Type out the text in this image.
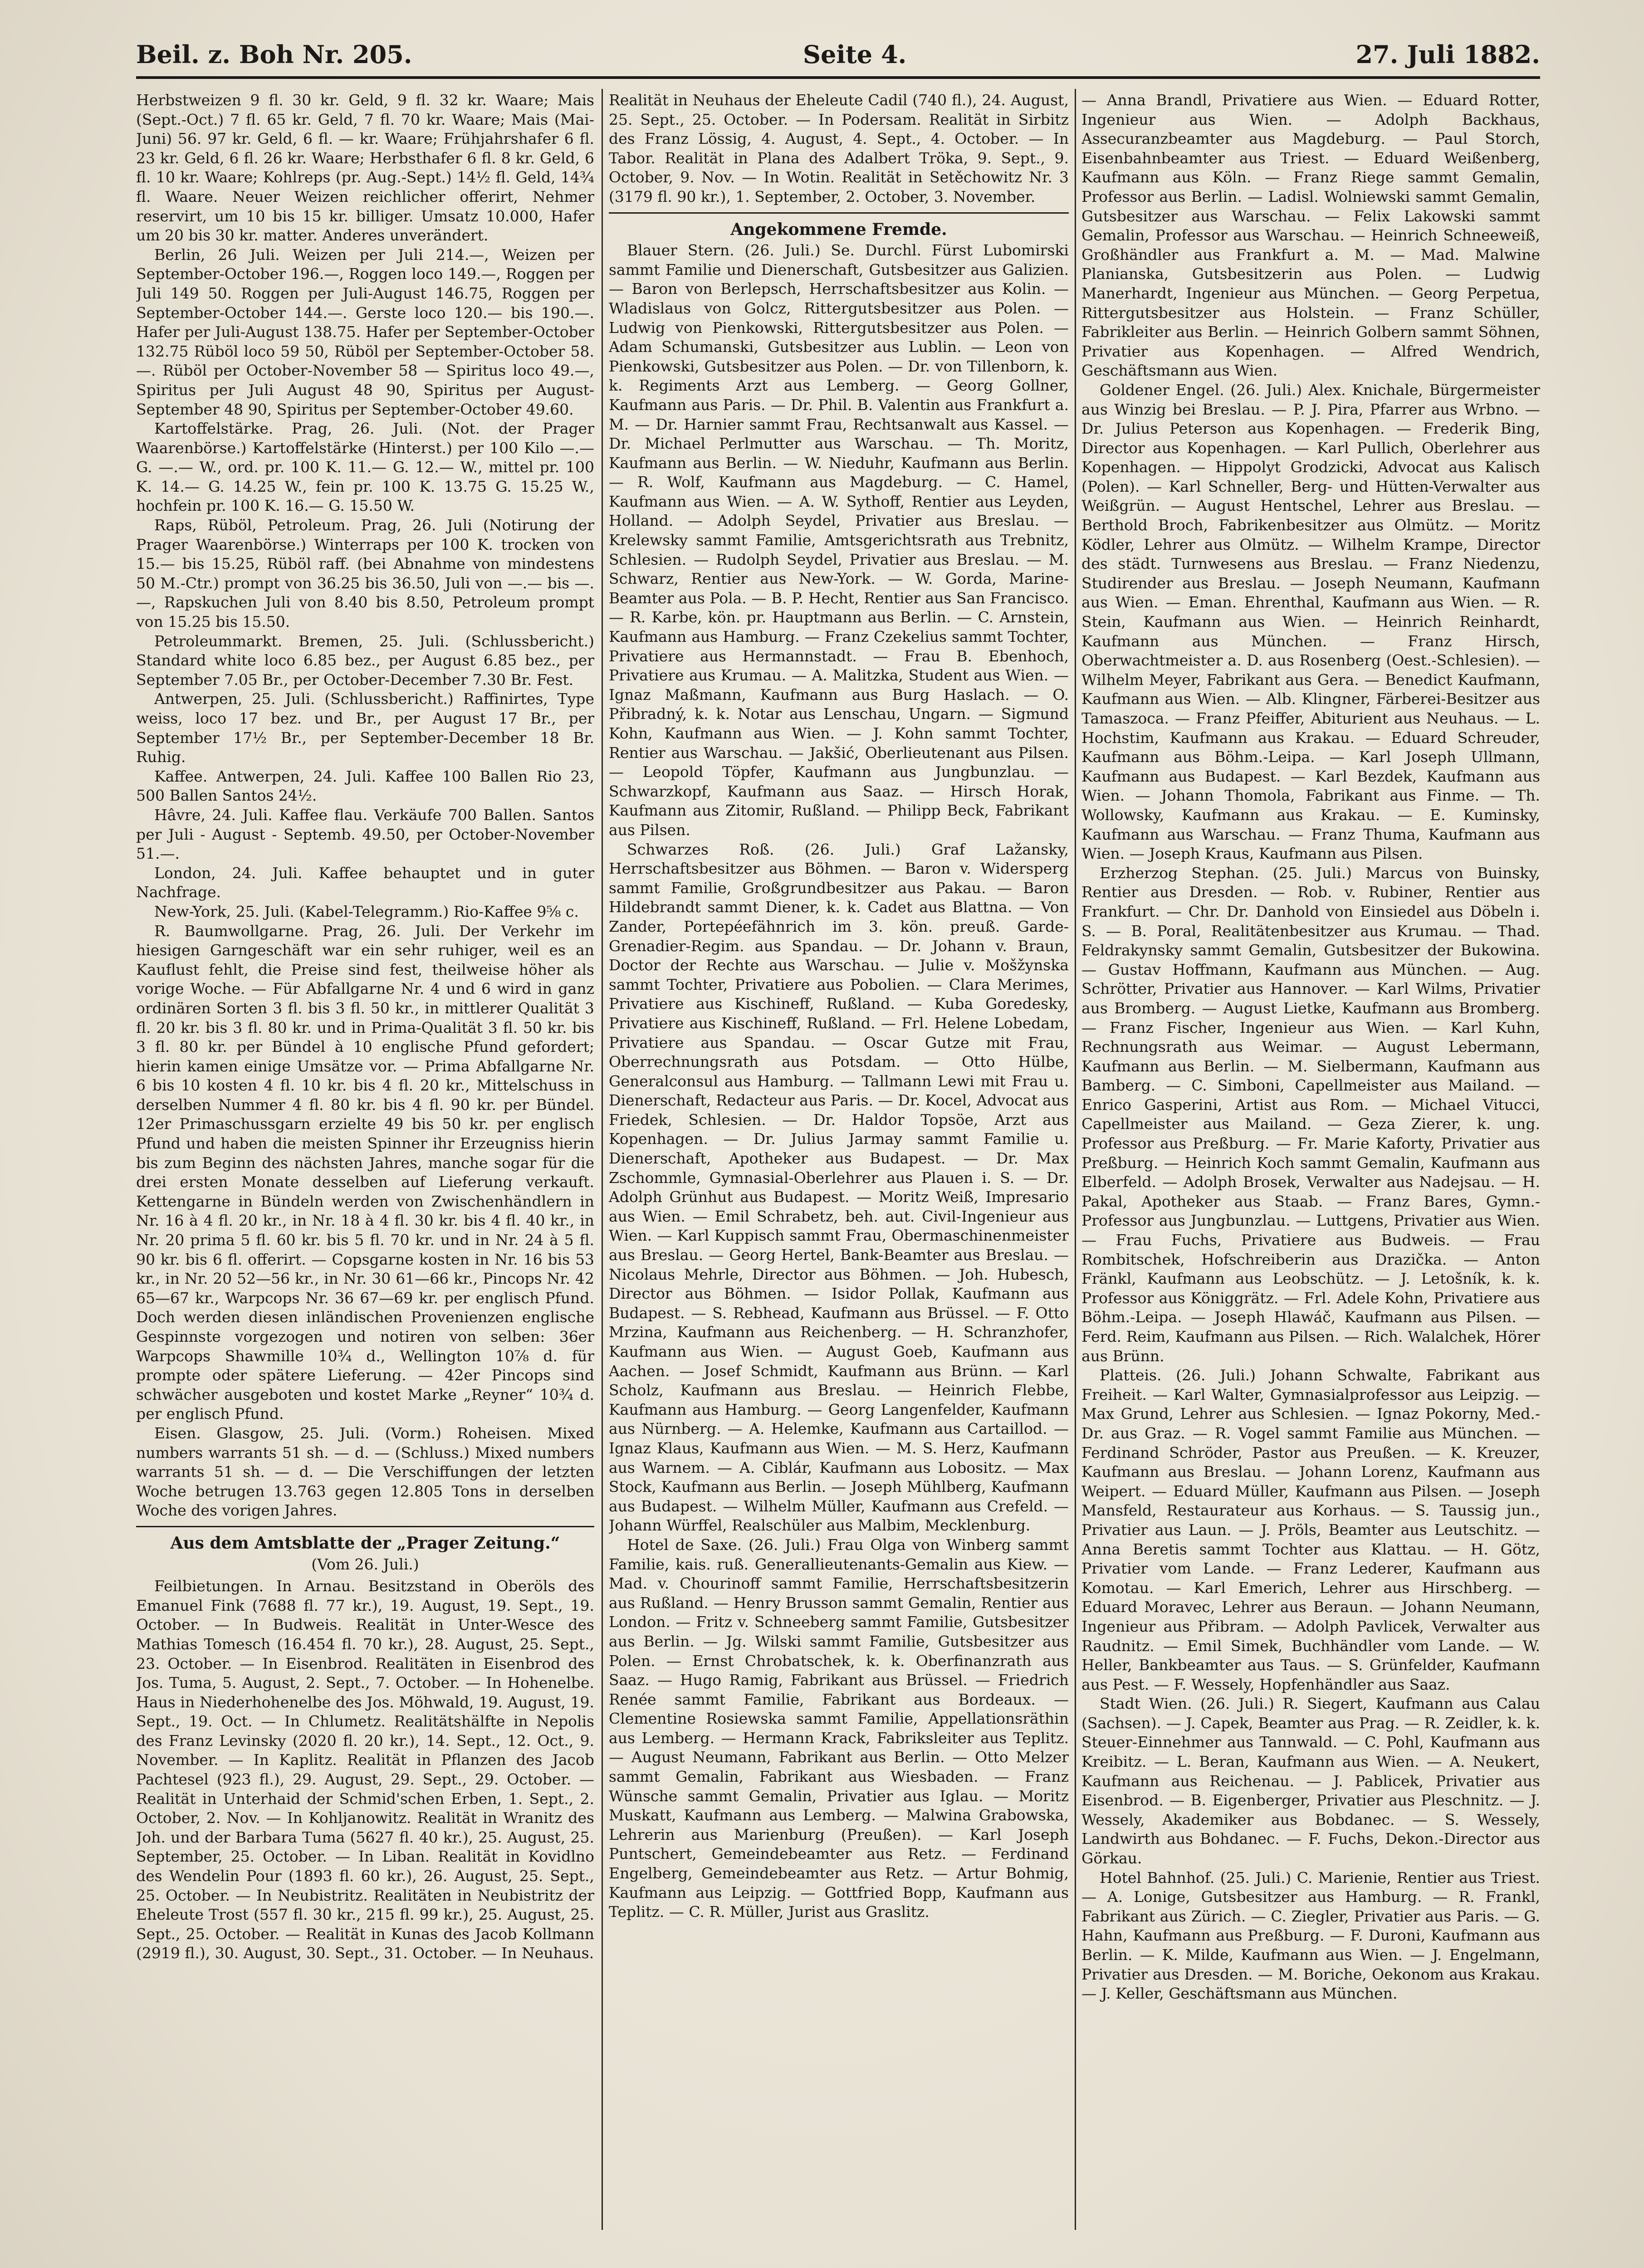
Beil. z. Boh Nr. 205.	Seite 4.	27. Juli 1882.

Herbstweizen 9 fl. 30 kr. Geld, 9 fl. 32 kr. Waare; Mais (Sept.-Oct.) 7 fl. 65 kr. Geld, 7 fl. 70 kr. Waare; Mais (Mai-Juni) 56. 97 kr. Geld, 6 fl. — kr. Waare; Frühjahrshafer 6 fl. 23 kr. Geld, 6 fl. 26 kr. Waare; Herbsthafer 6 fl. 8 kr. Geld, 6 fl. 10 kr. Waare; Kohlreps (pr. Aug.-Sept.) 14½ fl. Geld, 14¾ fl. Waare. Neuer Weizen reichlicher offerirt, Nehmer reservirt, um 10 bis 15 kr. billiger. Umsatz 10.000, Hafer um 20 bis 30 kr. matter. Anderes unverändert.

Berlin, 26 Juli. Weizen per Juli 214.—, Weizen per September-October 196.—, Roggen loco 149.—, Roggen per Juli 149 50. Roggen per Juli-August 146.75, Roggen per September-October 144.—. Gerste loco 120.— bis 190.—. Hafer per Juli-August 138.75. Hafer per September-October 132.75 Rüböl loco 59 50, Rüböl per September-October 58.—. Rüböl per October-November 58 — Spiritus loco 49.—, Spiritus per Juli August 48 90, Spiritus per August-September 48 90, Spiritus per September-October 49.60.

Kartoffelstärke. Prag, 26. Juli. (Not. der Prager Waarenbörse.) Kartoffelstärke (Hinterst.) per 100 Kilo —.— G. —.— W., ord. pr. 100 K. 11.— G. 12.— W., mittel pr. 100 K. 14.— G. 14.25 W., fein pr. 100 K. 13.75 G. 15.25 W., hochfein pr. 100 K. 16.— G. 15.50 W.

Raps, Rüböl, Petroleum. Prag, 26. Juli (Notirung der Prager Waarenbörse.) Winterraps per 100 K. trocken von 15.— bis 15.25, Rüböl raff. (bei Abnahme von mindestens 50 M.-Ctr.) prompt von 36.25 bis 36.50, Juli von —.— bis —.—, Rapskuchen Juli von 8.40 bis 8.50, Petroleum prompt von 15.25 bis 15.50.

Petroleummarkt. Bremen, 25. Juli. (Schlussbericht.) Standard white loco 6.85 bez., per August 6.85 bez., per September 7.05 Br., per October-December 7.30 Br. Fest.

Antwerpen, 25. Juli. (Schlussbericht.) Raffinirtes, Type weiss, loco 17 bez. und Br., per August 17 Br., per September 17½ Br., per September-December 18 Br. Ruhig.

Kaffee. Antwerpen, 24. Juli. Kaffee 100 Ballen Rio 23, 500 Ballen Santos 24½.

Hâvre, 24. Juli. Kaffee flau. Verkäufe 700 Ballen. Santos per Juli - August - Septemb. 49.50, per October-November 51.—.

London, 24. Juli. Kaffee behauptet und in guter Nachfrage.

New-York, 25. Juli. (Kabel-Telegramm.) Rio-Kaffee 9⅝ c.

R. Baumwollgarne. Prag, 26. Juli. Der Verkehr im hiesigen Garngeschäft war ein sehr ruhiger, weil es an Kauflust fehlt, die Preise sind fest, theilweise höher als vorige Woche. — Für Abfallgarne Nr. 4 und 6 wird in ganz ordinären Sorten 3 fl. bis 3 fl. 50 kr., in mittlerer Qualität 3 fl. 20 kr. bis 3 fl. 80 kr. und in Prima-Qualität 3 fl. 50 kr. bis 3 fl. 80 kr. per Bündel à 10 englische Pfund gefordert; hierin kamen einige Umsätze vor. — Prima Abfallgarne Nr. 6 bis 10 kosten 4 fl. 10 kr. bis 4 fl. 20 kr., Mittelschuss in derselben Nummer 4 fl. 80 kr. bis 4 fl. 90 kr. per Bündel. 12er Primaschussgarn erzielte 49 bis 50 kr. per englisch Pfund und haben die meisten Spinner ihr Erzeugniss hierin bis zum Beginn des nächsten Jahres, manche sogar für die drei ersten Monate desselben auf Lieferung verkauft. Kettengarne in Bündeln werden von Zwischenhändlern in Nr. 16 à 4 fl. 20 kr., in Nr. 18 à 4 fl. 30 kr. bis 4 fl. 40 kr., in Nr. 20 prima 5 fl. 60 kr. bis 5 fl. 70 kr. und in Nr. 24 à 5 fl. 90 kr. bis 6 fl. offerirt. — Copsgarne kosten in Nr. 16 bis 53 kr., in Nr. 20 52—56 kr., in Nr. 30 61—66 kr., Pincops Nr. 42 65—67 kr., Warpcops Nr. 36 67—69 kr. per englisch Pfund. Doch werden diesen inländischen Provenienzen englische Gespinnste vorgezogen und notiren von selben: 36er Warpcops Shawmille 10¾ d., Wellington 10⅞ d. für prompte oder spätere Lieferung. — 42er Pincops sind schwächer ausgeboten und kostet Marke „Reyner“ 10¾ d. per englisch Pfund.

Eisen. Glasgow, 25. Juli. (Vorm.) Roheisen. Mixed numbers warrants 51 sh. — d. — (Schluss.) Mixed numbers warrants 51 sh. — d. — Die Verschiffungen der letzten Woche betrugen 13.763 gegen 12.805 Tons in derselben Woche des vorigen Jahres.

Aus dem Amtsblatte der „Prager Zeitung.“

(Vom 26. Juli.)

Feilbietungen. In Arnau. Besitzstand in Oberöls des Emanuel Fink (7688 fl. 77 kr.), 19. August, 19. Sept., 19. October. — In Budweis. Realität in Unter-Wesce des Mathias Tomesch (16.454 fl. 70 kr.), 28. August, 25. Sept., 23. October. — In Eisenbrod. Realitäten in Eisenbrod des Jos. Tuma, 5. August, 2. Sept., 7. October. — In Hohenelbe. Haus in Niederhohenelbe des Jos. Möhwald, 19. August, 19. Sept., 19. Oct. — In Chlumetz. Realitätshälfte in Nepolis des Franz Levinsky (2020 fl. 20 kr.), 14. Sept., 12. Oct., 9. November. — In Kaplitz. Realität in Pflanzen des Jacob Pachtesel (923 fl.), 29. August, 29. Sept., 29. October. — Realität in Unterhaid der Schmid'schen Erben, 1. Sept., 2. October, 2. Nov. — In Kohljanowitz. Realität in Wranitz des Joh. und der Barbara Tuma (5627 fl. 40 kr.), 25. August, 25. September, 25. October. — In Liban. Realität in Kovidlno des Wendelin Pour (1893 fl. 60 kr.), 26. August, 25. Sept., 25. October. — In Neubistritz. Realitäten in Neubistritz der Eheleute Trost (557 fl. 30 kr., 215 fl. 99 kr.), 25. August, 25. Sept., 25. October. — Realität in Kunas des Jacob Kollmann (2919 fl.), 30. August, 30. Sept., 31. October. — In Neuhaus.

Realität in Neuhaus der Eheleute Cadil (740 fl.), 24. August, 25. Sept., 25. October. — In Podersam. Realität in Sirbitz des Franz Lössig, 4. August, 4. Sept., 4. October. — In Tabor. Realität in Plana des Adalbert Tröka, 9. Sept., 9. October, 9. Nov. — In Wotin. Realität in Setěchowitz Nr. 3 (3179 fl. 90 kr.), 1. September, 2. October, 3. November.

Angekommene Fremde.

Blauer Stern. (26. Juli.) Se. Durchl. Fürst Lubomirski sammt Familie und Dienerschaft, Gutsbesitzer aus Galizien. — Baron von Berlepsch, Herrschaftsbesitzer aus Kolin. — Wladislaus von Golcz, Rittergutsbesitzer aus Polen. — Ludwig von Pienkowski, Rittergutsbesitzer aus Polen. — Adam Schumanski, Gutsbesitzer aus Lublin. — Leon von Pienkowski, Gutsbesitzer aus Polen. — Dr. von Tillenborn, k. k. Regiments Arzt aus Lemberg. — Georg Gollner, Kaufmann aus Paris. — Dr. Phil. B. Valentin aus Frankfurt a. M. — Dr. Harnier sammt Frau, Rechtsanwalt aus Kassel. — Dr. Michael Perlmutter aus Warschau. — Th. Moritz, Kaufmann aus Berlin. — W. Nieduhr, Kaufmann aus Berlin. — R. Wolf, Kaufmann aus Magdeburg. — C. Hamel, Kaufmann aus Wien. — A. W. Sythoff, Rentier aus Leyden, Holland. — Adolph Seydel, Privatier aus Breslau. — Krelewsky sammt Familie, Amtsgerichtsrath aus Trebnitz, Schlesien. — Rudolph Seydel, Privatier aus Breslau. — M. Schwarz, Rentier aus New-York. — W. Gorda, Marine-Beamter aus Pola. — B. P. Hecht, Rentier aus San Francisco. — R. Karbe, kön. pr. Hauptmann aus Berlin. — C. Arnstein, Kaufmann aus Hamburg. — Franz Czekelius sammt Tochter, Privatiere aus Hermannstadt. — Frau B. Ebenhoch, Privatiere aus Krumau. — A. Malitzka, Student aus Wien. — Ignaz Maßmann, Kaufmann aus Burg Haslach. — O. Přibradný, k. k. Notar aus Lenschau, Ungarn. — Sigmund Kohn, Kaufmann aus Wien. — J. Kohn sammt Tochter, Rentier aus Warschau. — Jakšić, Oberlieutenant aus Pilsen. — Leopold Töpfer, Kaufmann aus Jungbunzlau. — Schwarzkopf, Kaufmann aus Saaz. — Hirsch Horak, Kaufmann aus Zitomir, Rußland. — Philipp Beck, Fabrikant aus Pilsen.

Schwarzes Roß. (26. Juli.) Graf Lažansky, Herrschaftsbesitzer aus Böhmen. — Baron v. Widersperg sammt Familie, Großgrundbesitzer aus Pakau. — Baron Hildebrandt sammt Diener, k. k. Cadet aus Blattna. — Von Zander, Portepéefähnrich im 3. kön. preuß. Garde-Grenadier-Regim. aus Spandau. — Dr. Johann v. Braun, Doctor der Rechte aus Warschau. — Julie v. Mošžynska sammt Tochter, Privatiere aus Pobolien. — Clara Merimes, Privatiere aus Kischineff, Rußland. — Kuba Goredesky, Privatiere aus Kischineff, Rußland. — Frl. Helene Lobedam, Privatiere aus Spandau. — Oscar Gutze mit Frau, Oberrechnungsrath aus Potsdam. — Otto Hülbe, Generalconsul aus Hamburg. — Tallmann Lewi mit Frau u. Dienerschaft, Redacteur aus Paris. — Dr. Kocel, Advocat aus Friedek, Schlesien. — Dr. Haldor Topsöe, Arzt aus Kopenhagen. — Dr. Julius Jarmay sammt Familie u. Dienerschaft, Apotheker aus Budapest. — Dr. Max Zschommle, Gymnasial-Oberlehrer aus Plauen i. S. — Dr. Adolph Grünhut aus Budapest. — Moritz Weiß, Impresario aus Wien. — Emil Schrabetz, beh. aut. Civil-Ingenieur aus Wien. — Karl Kuppisch sammt Frau, Obermaschinenmeister aus Breslau. — Georg Hertel, Bank-Beamter aus Breslau. — Nicolaus Mehrle, Director aus Böhmen. — Joh. Hubesch, Director aus Böhmen. — Isidor Pollak, Kaufmann aus Budapest. — S. Rebhead, Kaufmann aus Brüssel. — F. Otto Mrzina, Kaufmann aus Reichenberg. — H. Schranzhofer, Kaufmann aus Wien. — August Goeb, Kaufmann aus Aachen. — Josef Schmidt, Kaufmann aus Brünn. — Karl Scholz, Kaufmann aus Breslau. — Heinrich Flebbe, Kaufmann aus Hamburg. — Georg Langenfelder, Kaufmann aus Nürnberg. — A. Helemke, Kaufmann aus Cartaillod. — Ignaz Klaus, Kaufmann aus Wien. — M. S. Herz, Kaufmann aus Warnem. — A. Ciblár, Kaufmann aus Lobositz. — Max Stock, Kaufmann aus Berlin. — Joseph Mühlberg, Kaufmann aus Budapest. — Wilhelm Müller, Kaufmann aus Crefeld. — Johann Würffel, Realschüler aus Malbim, Mecklenburg.

Hotel de Saxe. (26. Juli.) Frau Olga von Winberg sammt Familie, kais. ruß. Generallieutenants-Gemalin aus Kiew. — Mad. v. Chourinoff sammt Familie, Herrschaftsbesitzerin aus Rußland. — Henry Brusson sammt Gemalin, Rentier aus London. — Fritz v. Schneeberg sammt Familie, Gutsbesitzer aus Berlin. — Jg. Wilski sammt Familie, Gutsbesitzer aus Polen. — Ernst Chrobatschek, k. k. Oberfinanzrath aus Saaz. — Hugo Ramig, Fabrikant aus Brüssel. — Friedrich Renée sammt Familie, Fabrikant aus Bordeaux. — Clementine Rosiewska sammt Familie, Appellationsräthin aus Lemberg. — Hermann Krack, Fabriksleiter aus Teplitz. — August Neumann, Fabrikant aus Berlin. — Otto Melzer sammt Gemalin, Fabrikant aus Wiesbaden. — Franz Wünsche sammt Gemalin, Privatier aus Iglau. — Moritz Muskatt, Kaufmann aus Lemberg. — Malwina Grabowska, Lehrerin aus Marienburg (Preußen). — Karl Joseph Puntschert, Gemeindebeamter aus Retz. — Ferdinand Engelberg, Gemeindebeamter aus Retz. — Artur Bohmig, Kaufmann aus Leipzig. — Gottfried Bopp, Kaufmann aus Teplitz. — C. R. Müller, Jurist aus Graslitz.

— Anna Brandl, Privatiere aus Wien. — Eduard Rotter, Ingenieur aus Wien. — Adolph Backhaus, Assecuranzbeamter aus Magdeburg. — Paul Storch, Eisenbahnbeamter aus Triest. — Eduard Weißenberg, Kaufmann aus Köln. — Franz Riege sammt Gemalin, Professor aus Berlin. — Ladisl. Wolniewski sammt Gemalin, Gutsbesitzer aus Warschau. — Felix Lakowski sammt Gemalin, Professor aus Warschau. — Heinrich Schneeweiß, Großhändler aus Frankfurt a. M. — Mad. Malwine Planianska, Gutsbesitzerin aus Polen. — Ludwig Manerhardt, Ingenieur aus München. — Georg Perpetua, Rittergutsbesitzer aus Holstein. — Franz Schüller, Fabrikleiter aus Berlin. — Heinrich Golbern sammt Söhnen, Privatier aus Kopenhagen. — Alfred Wendrich, Geschäftsmann aus Wien.

Goldener Engel. (26. Juli.) Alex. Knichale, Bürgermeister aus Winzig bei Breslau. — P. J. Pira, Pfarrer aus Wrbno. — Dr. Julius Peterson aus Kopenhagen. — Frederik Bing, Director aus Kopenhagen. — Karl Pullich, Oberlehrer aus Kopenhagen. — Hippolyt Grodzicki, Advocat aus Kalisch (Polen). — Karl Schneller, Berg- und Hütten-Verwalter aus Weißgrün. — August Hentschel, Lehrer aus Breslau. — Berthold Broch, Fabrikenbesitzer aus Olmütz. — Moritz Ködler, Lehrer aus Olmütz. — Wilhelm Krampe, Director des städt. Turnwesens aus Breslau. — Franz Niedenzu, Studirender aus Breslau. — Joseph Neumann, Kaufmann aus Wien. — Eman. Ehrenthal, Kaufmann aus Wien. — R. Stein, Kaufmann aus Wien. — Heinrich Reinhardt, Kaufmann aus München. — Franz Hirsch, Oberwachtmeister a. D. aus Rosenberg (Oest.-Schlesien). — Wilhelm Meyer, Fabrikant aus Gera. — Benedict Kaufmann, Kaufmann aus Wien. — Alb. Klingner, Färberei-Besitzer aus Tamaszoca. — Franz Pfeiffer, Abiturient aus Neuhaus. — L. Hochstim, Kaufmann aus Krakau. — Eduard Schreuder, Kaufmann aus Böhm.-Leipa. — Karl Joseph Ullmann, Kaufmann aus Budapest. — Karl Bezdek, Kaufmann aus Wien. — Johann Thomola, Fabrikant aus Finme. — Th. Wollowsky, Kaufmann aus Krakau. — E. Kuminsky, Kaufmann aus Warschau. — Franz Thuma, Kaufmann aus Wien. — Joseph Kraus, Kaufmann aus Pilsen.

Erzherzog Stephan. (25. Juli.) Marcus von Buinsky, Rentier aus Dresden. — Rob. v. Rubiner, Rentier aus Frankfurt. — Chr. Dr. Danhold von Einsiedel aus Döbeln i. S. — B. Poral, Realitätenbesitzer aus Krumau. — Thad. Feldrakynsky sammt Gemalin, Gutsbesitzer der Bukowina. — Gustav Hoffmann, Kaufmann aus München. — Aug. Schrötter, Privatier aus Hannover. — Karl Wilms, Privatier aus Bromberg. — August Lietke, Kaufmann aus Bromberg. — Franz Fischer, Ingenieur aus Wien. — Karl Kuhn, Rechnungsrath aus Weimar. — August Lebermann, Kaufmann aus Berlin. — M. Sielbermann, Kaufmann aus Bamberg. — C. Simboni, Capellmeister aus Mailand. — Enrico Gasperini, Artist aus Rom. — Michael Vitucci, Capellmeister aus Mailand. — Geza Zierer, k. ung. Professor aus Preßburg. — Fr. Marie Kaforty, Privatier aus Preßburg. — Heinrich Koch sammt Gemalin, Kaufmann aus Elberfeld. — Adolph Brosek, Verwalter aus Nadejsau. — H. Pakal, Apotheker aus Staab. — Franz Bares, Gymn.-Professor aus Jungbunzlau. — Luttgens, Privatier aus Wien. — Frau Fuchs, Privatiere aus Budweis. — Frau Rombitschek, Hofschreiberin aus Drazička. — Anton Fränkl, Kaufmann aus Leobschütz. — J. Letošník, k. k. Professor aus Königgrätz. — Frl. Adele Kohn, Privatiere aus Böhm.-Leipa. — Joseph Hlawáč, Kaufmann aus Pilsen. — Ferd. Reim, Kaufmann aus Pilsen. — Rich. Walalchek, Hörer aus Brünn.

Platteis. (26. Juli.) Johann Schwalte, Fabrikant aus Freiheit. — Karl Walter, Gymnasialprofessor aus Leipzig. — Max Grund, Lehrer aus Schlesien. — Ignaz Pokorny, Med.-Dr. aus Graz. — R. Vogel sammt Familie aus München. — Ferdinand Schröder, Pastor aus Preußen. — K. Kreuzer, Kaufmann aus Breslau. — Johann Lorenz, Kaufmann aus Weipert. — Eduard Müller, Kaufmann aus Pilsen. — Joseph Mansfeld, Restaurateur aus Korhaus. — S. Taussig jun., Privatier aus Laun. — J. Pröls, Beamter aus Leutschitz. — Anna Beretis sammt Tochter aus Klattau. — H. Götz, Privatier vom Lande. — Franz Lederer, Kaufmann aus Komotau. — Karl Emerich, Lehrer aus Hirschberg. — Eduard Moravec, Lehrer aus Beraun. — Johann Neumann, Ingenieur aus Přibram. — Adolph Pavlicek, Verwalter aus Raudnitz. — Emil Simek, Buchhändler vom Lande. — W. Heller, Bankbeamter aus Taus. — S. Grünfelder, Kaufmann aus Pest. — F. Wessely, Hopfenhändler aus Saaz.

Stadt Wien. (26. Juli.) R. Siegert, Kaufmann aus Calau (Sachsen). — J. Capek, Beamter aus Prag. — R. Zeidler, k. k. Steuer-Einnehmer aus Tannwald. — C. Pohl, Kaufmann aus Kreibitz. — L. Beran, Kaufmann aus Wien. — A. Neukert, Kaufmann aus Reichenau. — J. Pablicek, Privatier aus Eisenbrod. — B. Eigenberger, Privatier aus Pleschnitz. — J. Wessely, Akademiker aus Bobdanec. — S. Wessely, Landwirth aus Bohdanec. — F. Fuchs, Dekon.-Director aus Görkau.

Hotel Bahnhof. (25. Juli.) C. Marienie, Rentier aus Triest. — A. Lonige, Gutsbesitzer aus Hamburg. — R. Frankl, Fabrikant aus Zürich. — C. Ziegler, Privatier aus Paris. — G. Hahn, Kaufmann aus Preßburg. — F. Duroni, Kaufmann aus Berlin. — K. Milde, Kaufmann aus Wien. — J. Engelmann, Privatier aus Dresden. — M. Boriche, Oekonom aus Krakau. — J. Keller, Geschäftsmann aus München.
